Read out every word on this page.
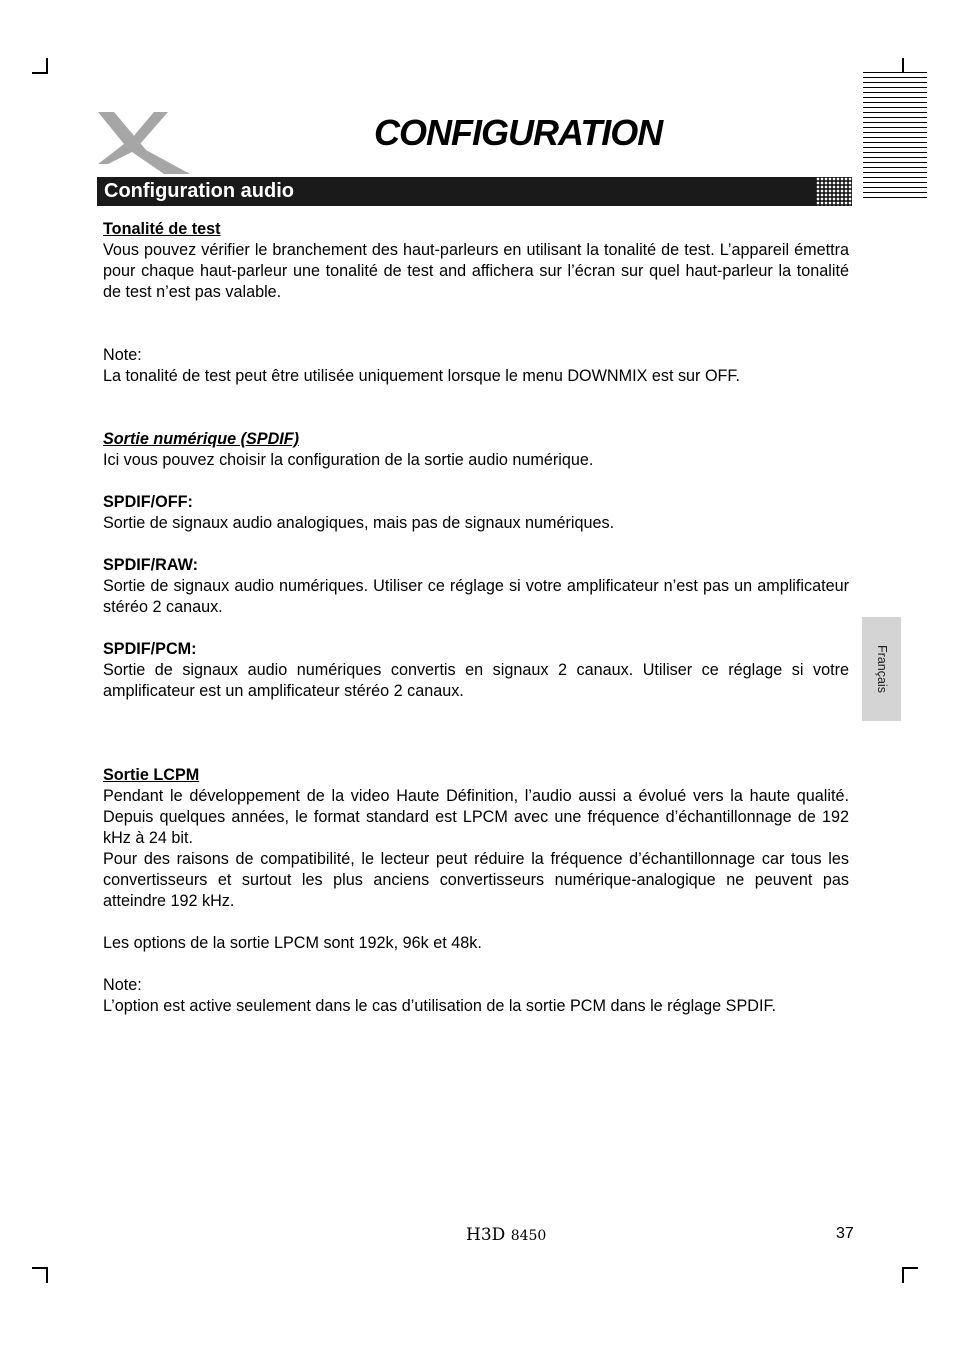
CONFIGURATION
Configuration audio

Tonalité de test

Vous pouvez vérifier le branchement des haut-parleurs en utilisant la tonalité de test. L’appareil émettra pour chaque haut-parleur une tonalité de test and affichera sur l’écran sur quel haut-parleur la tonalité de test n’est pas valable.

Note:

La tonalité de test peut être utilisée uniquement lorsque le menu DOWNMIX est sur OFF.

Sortie numérique (SPDIF)

Ici vous pouvez choisir la configuration de la sortie audio numérique.

SPDIF/OFF:

Sortie de signaux audio analogiques, mais pas de signaux numériques.

SPDIF/RAW:

Sortie de signaux audio numériques. Utiliser ce réglage si votre amplificateur n’est pas un amplificateur stéréo 2 canaux.

SPDIF/PCM:

Sortie de signaux audio numériques convertis en signaux 2 canaux. Utiliser ce réglage si votre amplificateur est un amplificateur stéréo 2 canaux.

Sortie LCPM

Pendant le développement de la video Haute Définition, l’audio aussi a évolué vers la haute qualité. Depuis quelques années, le format standard est LPCM avec une fréquence d’échantillonnage de 192 kHz à 24 bit.

Pour des raisons de compatibilité, le lecteur peut réduire la fréquence d’échantillonnage car tous les convertisseurs et surtout les plus anciens convertisseurs numérique-analogique ne peuvent pas atteindre 192 kHz.

Les options de la sortie LPCM sont 192k, 96k et 48k.

Note:

L’option est active seulement dans le cas d’utilisation de la sortie PCM dans le réglage SPDIF.

Français
H3D 8450	37
